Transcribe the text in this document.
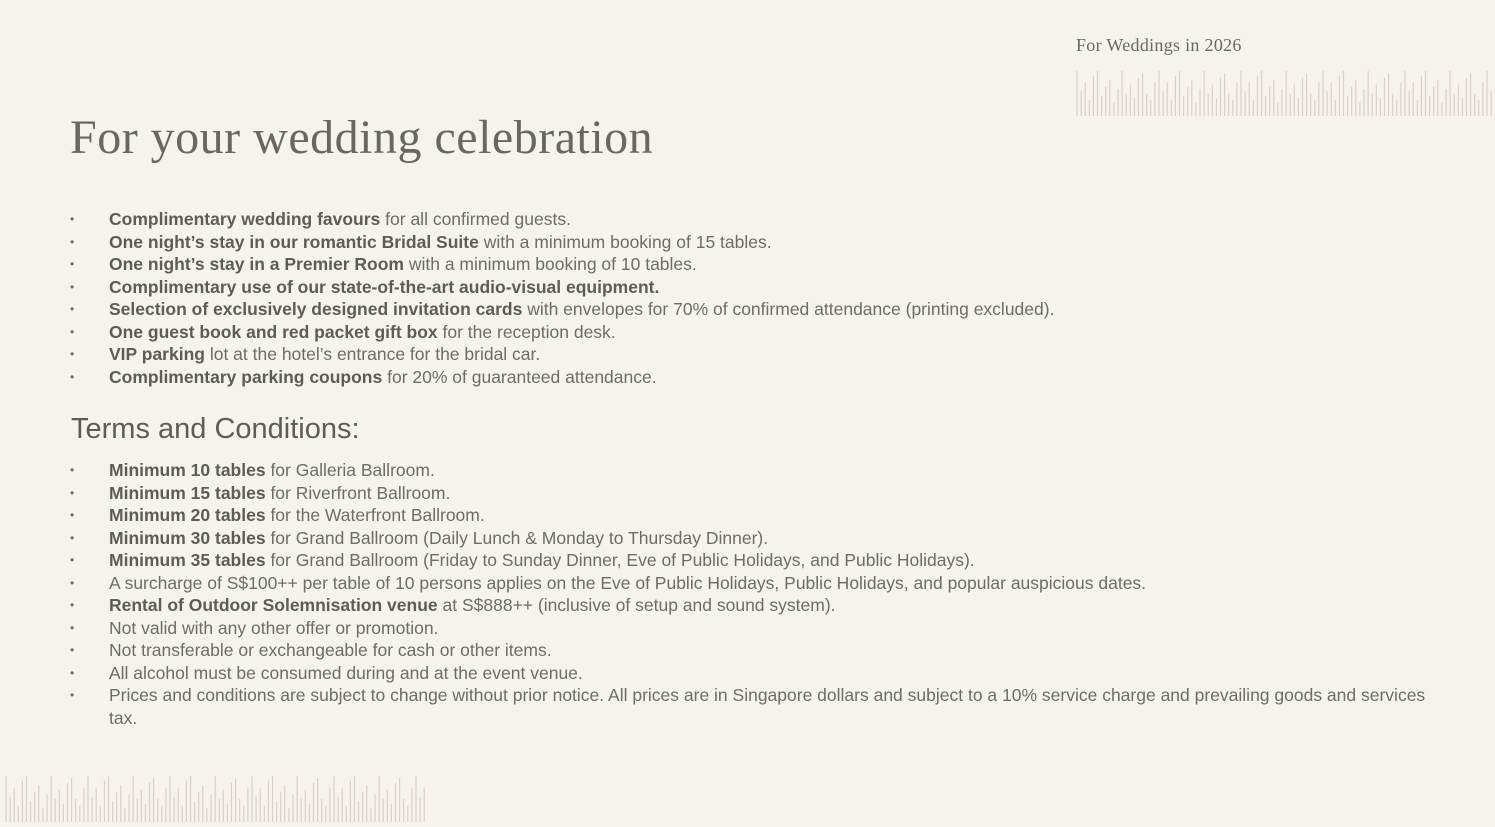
For Weddings in 2026
For your wedding celebration
• Complimentary wedding favours for all confirmed guests.
• One night’s stay in our romantic Bridal Suite with a minimum booking of 15 tables.
• One night’s stay in a Premier Room with a minimum booking of 10 tables.
• Complimentary use of our state-of-the-art audio-visual equipment.
• Selection of exclusively designed invitation cards with envelopes for 70% of confirmed attendance (printing excluded).
• One guest book and red packet gift box for the reception desk.
• VIP parking lot at the hotel’s entrance for the bridal car.
• Complimentary parking coupons for 20% of guaranteed attendance.
Terms and Conditions:
• Minimum 10 tables for Galleria Ballroom.
• Minimum 15 tables for Riverfront Ballroom.
• Minimum 20 tables for the Waterfront Ballroom.
• Minimum 30 tables for Grand Ballroom (Daily Lunch & Monday to Thursday Dinner).
• Minimum 35 tables for Grand Ballroom (Friday to Sunday Dinner, Eve of Public Holidays, and Public Holidays).
• A surcharge of S$100++ per table of 10 persons applies on the Eve of Public Holidays, Public Holidays, and popular auspicious dates.
• Rental of Outdoor Solemnisation venue at S$888++ (inclusive of setup and sound system).
• Not valid with any other offer or promotion.
• Not transferable or exchangeable for cash or other items.
• All alcohol must be consumed during and at the event venue.
• Prices and conditions are subject to change without prior notice. All prices are in Singapore dollars and subject to a 10% service charge and prevailing goods and services tax.
